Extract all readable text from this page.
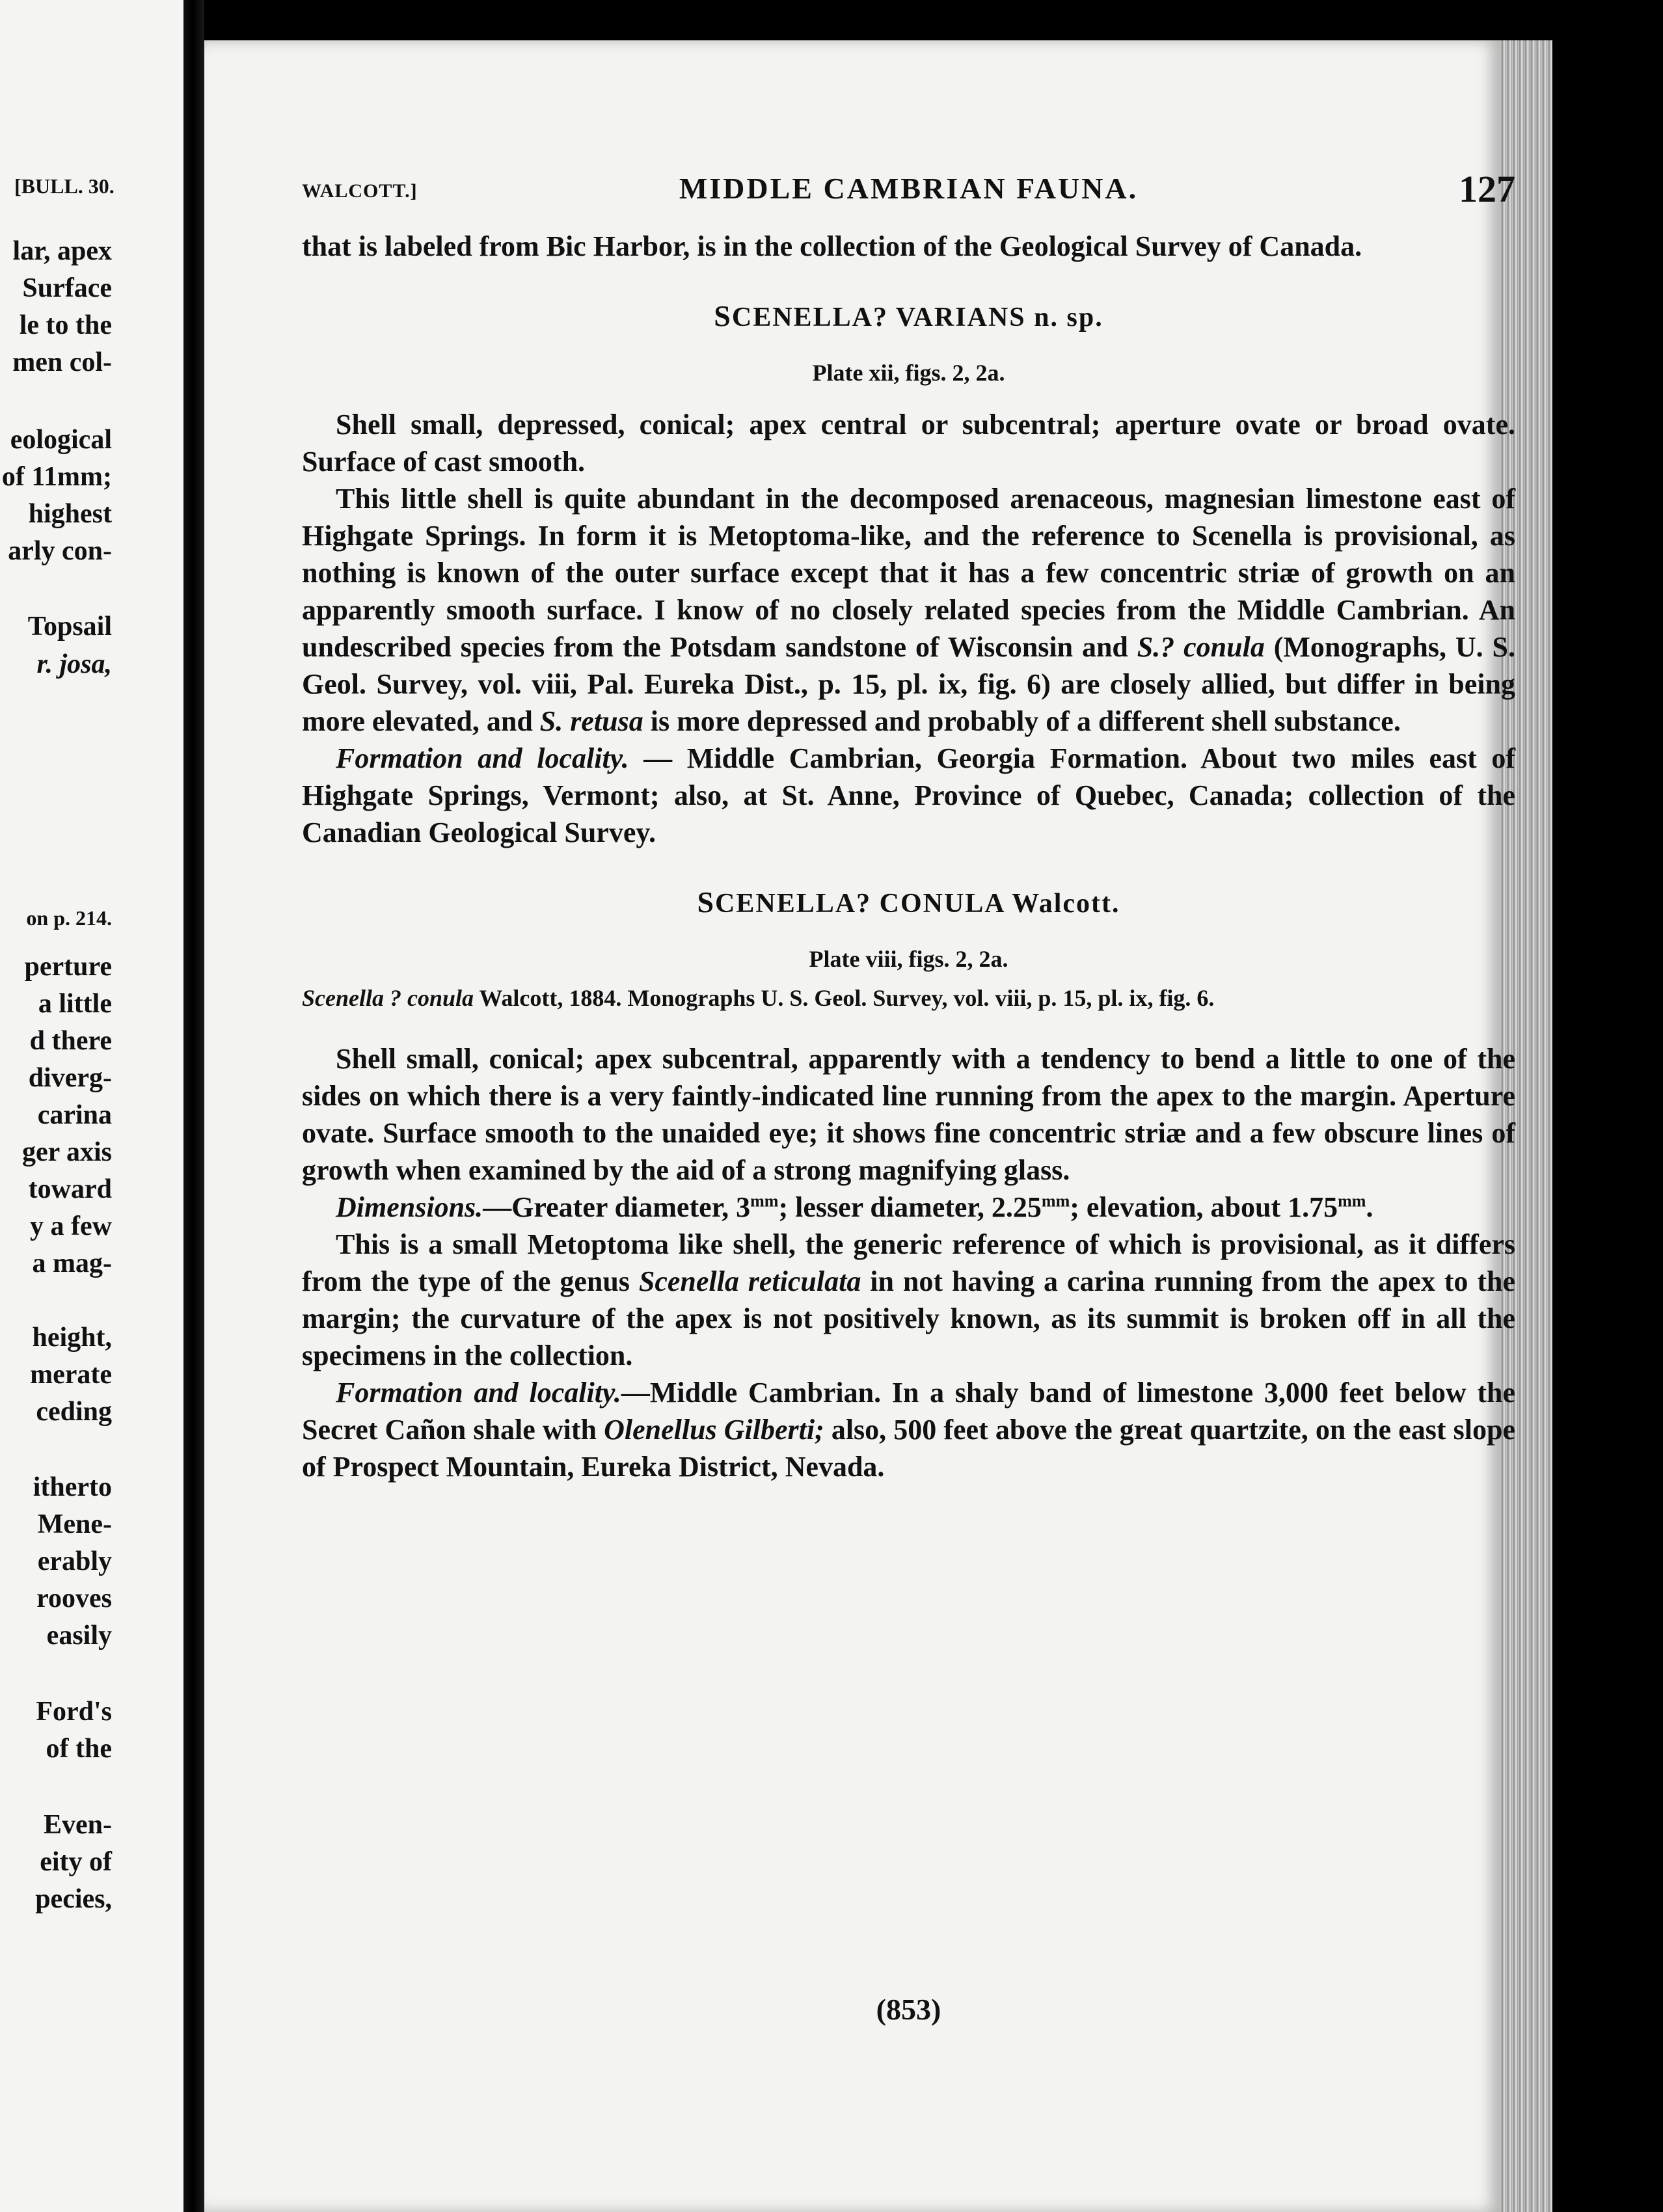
[BULL. 30.

lar, apex

Surface

le to the

men col-

eological

of 11mm;

highest

arly con-

Topsail

r. josa,

on p. 214.

perture

a little

d there

diverg-

carina

ger axis

toward

y a few

a mag-

height,

merate

ceding

itherto

Mene-

erably

rooves

easily

Ford's

of the

Even-

eity of

pecies,

WALCOTT.]	MIDDLE CAMBRIAN FAUNA.	127

that is labeled from Bic Harbor, is in the collection of the Geological Survey of Canada.

SCENELLA? VARIANS n. sp.
Plate xii, figs. 2, 2a.

Shell small, depressed, conical; apex central or subcentral; aperture ovate or broad ovate. Surface of cast smooth.

This little shell is quite abundant in the decomposed arenaceous, magnesian limestone east of Highgate Springs. In form it is Metoptoma-like, and the reference to Scenella is provisional, as nothing is known of the outer surface except that it has a few concentric striæ of growth on an apparently smooth surface. I know of no closely related species from the Middle Cambrian. An undescribed species from the Potsdam sandstone of Wisconsin and S.? conula (Monographs, U. S. Geol. Survey, vol. viii, Pal. Eureka Dist., p. 15, pl. ix, fig. 6) are closely allied, but differ in being more elevated, and S. retusa is more depressed and probably of a different shell substance.

Formation and locality. — Middle Cambrian, Georgia Formation. About two miles east of Highgate Springs, Vermont; also, at St. Anne, Province of Quebec, Canada; collection of the Canadian Geological Survey.

SCENELLA? CONULA Walcott.
Plate viii, figs. 2, 2a.
Scenella ? conula Walcott, 1884. Monographs U. S. Geol. Survey, vol. viii, p. 15, pl. ix, fig. 6.

Shell small, conical; apex subcentral, apparently with a tendency to bend a little to one of the sides on which there is a very faintly-indicated line running from the apex to the margin. Aperture ovate. Surface smooth to the unaided eye; it shows fine concentric striæ and a few obscure lines of growth when examined by the aid of a strong magnifying glass.

Dimensions.—Greater diameter, $3^{mm}$; lesser diameter, $2.25^{mm}$; elevation, about $1.75^{mm}$.

This is a small Metoptoma like shell, the generic reference of which is provisional, as it differs from the type of the genus Scenella reticulata in not having a carina running from the apex to the margin; the curvature of the apex is not positively known, as its summit is broken off in all the specimens in the collection.

Formation and locality.—Middle Cambrian. In a shaly band of limestone 3,000 feet below the Secret Cañon shale with Olenellus Gilberti; also, 500 feet above the great quartzite, on the east slope of Prospect Mountain, Eureka District, Nevada.

(853)
